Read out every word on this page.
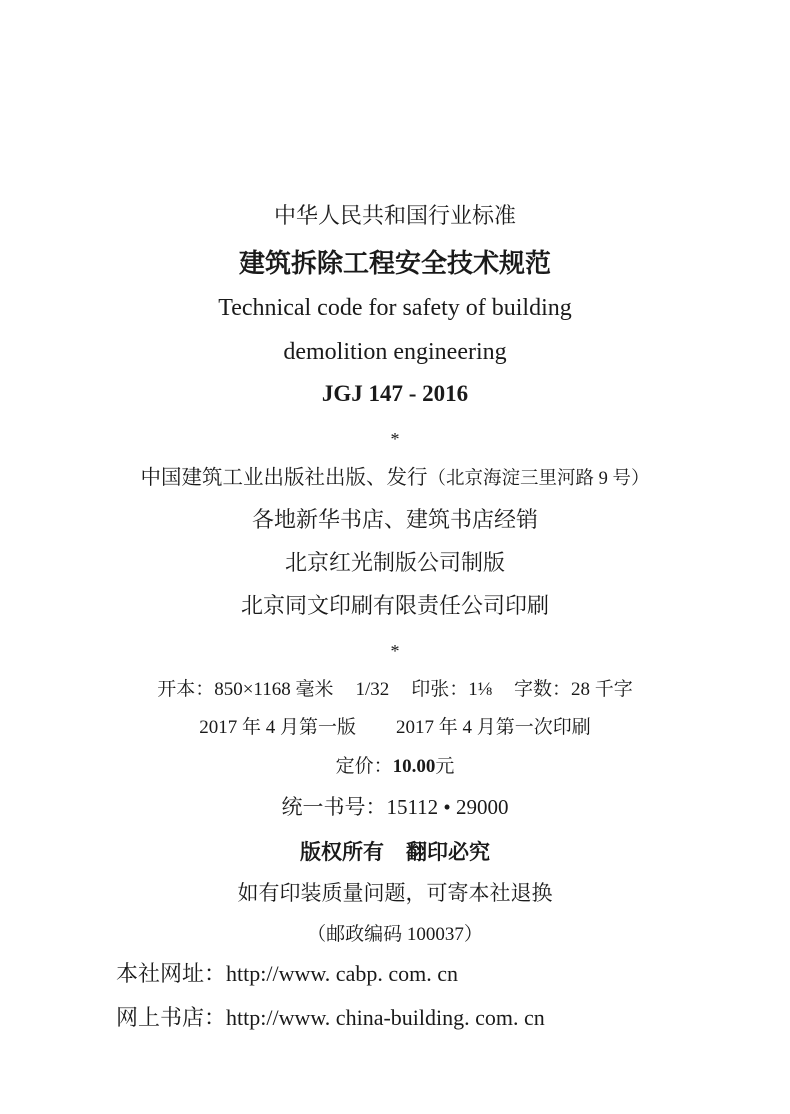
中华人民共和国行业标准
建筑拆除工程安全技术规范
Technical code for safety of building
demolition engineering
JGJ 147 - 2016
*
中国建筑工业出版社出版、发行（北京海淀三里河路 9 号）
各地新华书店、建筑书店经销
北京红光制版公司制版
北京同文印刷有限责任公司印刷
*
开本：850×1168 毫米 1/32 印张：1⅛ 字数：28 千字
2017 年 4 月第一版 2017 年 4 月第一次印刷
定价：10.00元
统一书号：15112 • 29000
版权所有 翻印必究
如有印装质量问题，可寄本社退换
（邮政编码 100037）
本社网址：http://www. cabp. com. cn
网上书店：http://www. china-building. com. cn
